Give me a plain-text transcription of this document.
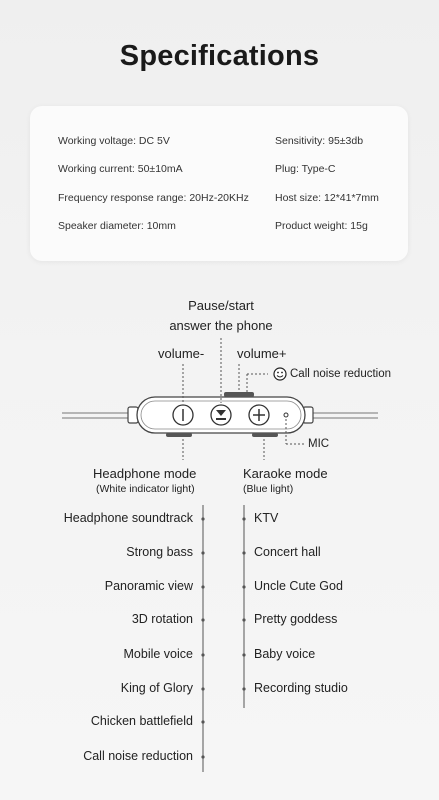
Specifications
Working voltage: DC 5V
Working current: 50±10mA
Frequency response range: 20Hz-20KHz
Speaker diameter: 10mm
Sensitivity: 95±3db
Plug: Type-C
Host size: 12*41*7mm
Product weight: 15g
Pause/start
answer the phone
volume-	volume+
Call noise reduction
MIC
Headphone mode
(White indicator light)
Karaoke mode
(Blue light)
Headphone soundtrack
Strong bass
Panoramic view
3D rotation
Mobile voice
King of Glory
Chicken battlefield
Call noise reduction
KTV
Concert hall
Uncle Cute God
Pretty goddess
Baby voice
Recording studio
